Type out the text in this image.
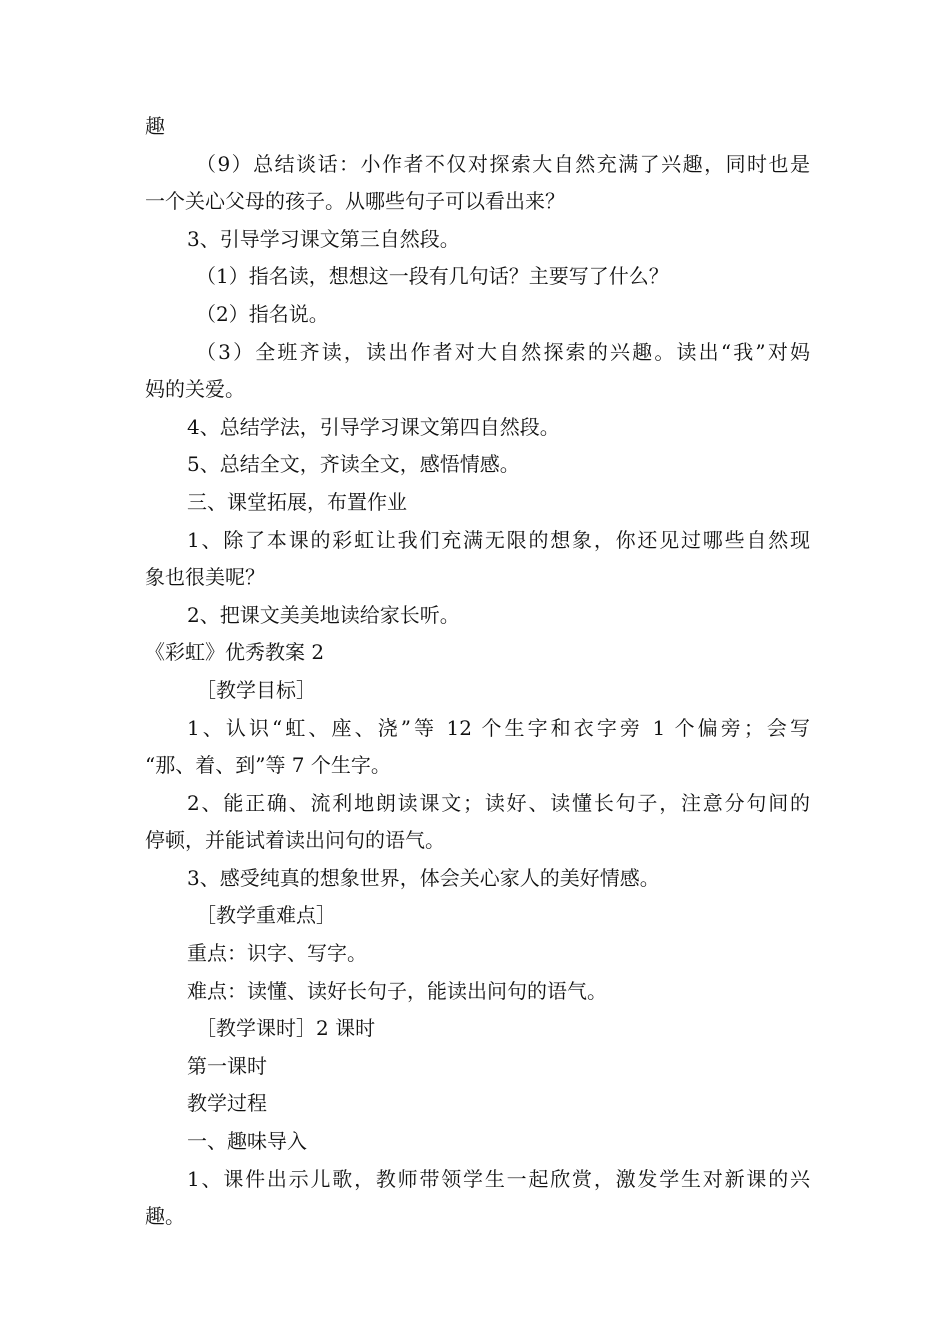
趣
（9）总结谈话：小作者不仅对探索大自然充满了兴趣，同时也是
一个关心父母的孩子。从哪些句子可以看出来？
3、引导学习课文第三自然段。
（1）指名读，想想这一段有几句话？主要写了什么？
（2）指名说。
（3）全班齐读，读出作者对大自然探索的兴趣。读出“我”对妈
妈的关爱。
4、总结学法，引导学习课文第四自然段。
5、总结全文，齐读全文，感悟情感。
三、课堂拓展，布置作业
1、除了本课的彩虹让我们充满无限的想象，你还见过哪些自然现
象也很美呢？
2、把课文美美地读给家长听。
《彩虹》优秀教案 2
［教学目标］
1、认识“虹、座、浇”等 12 个生字和衣字旁 1 个偏旁；会写
“那、着、到”等 7 个生字。
2、能正确、流利地朗读课文；读好、读懂长句子，注意分句间的
停顿，并能试着读出问句的语气。
3、感受纯真的想象世界，体会关心家人的美好情感。
［教学重难点］
重点：识字、写字。
难点：读懂、读好长句子，能读出问句的语气。
［教学课时］2 课时
第一课时
教学过程
一、趣味导入
1、课件出示儿歌，教师带领学生一起欣赏，激发学生对新课的兴
趣。
